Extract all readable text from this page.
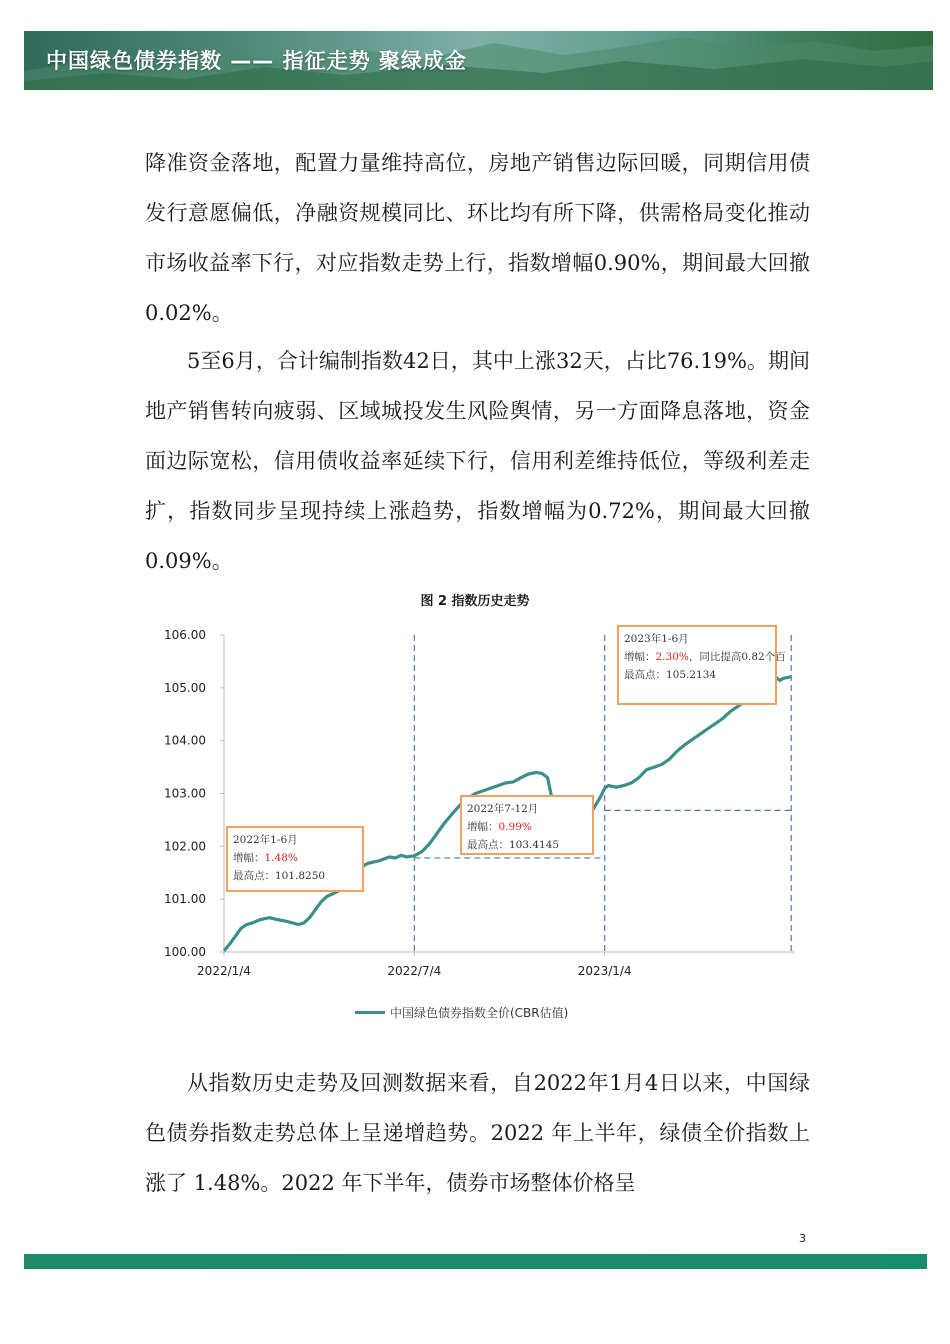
中国绿色债券指数 —— 指征走势 聚绿成金

降准资金落地，配置力量维持高位，房地产销售边际回暖，同期信用债发行意愿偏低，净融资规模同比、环比均有所下降，供需格局变化推动市场收益率下行，对应指数走势上行，指数增幅0.90%，期间最大回撤 0.02%。

5至6月，合计编制指数42日，其中上涨32天，占比76.19%。期间地产销售转向疲弱、区域城投发生风险舆情，另一方面降息落地，资金面边际宽松，信用债收益率延续下行，信用利差维持低位，等级利差走扩，指数同步呈现持续上涨趋势，指数增幅为0.72%，期间最大回撤 0.09%。

图 2 指数历史走势
106.00
105.00
104.00
103.00
102.00
101.00
100.00
2022/1/4	2022/7/4	2023/1/4
2022年1-6月
增幅：1.48%
最高点：101.8250
2022年7-12月
增幅：0.99%
最高点：103.4145
2023年1-6月
增幅：2.30%，同比提高0.82个百
最高点：105.2134
中国绿色债券指数全价(CBR估值)

从指数历史走势及回测数据来看，自2022年1月4日以来，中国绿色债券指数走势总体上呈递增趋势。2022 年上半年，绿债全价指数上涨了 1.48%。2022 年下半年，债券市场整体价格呈

3
